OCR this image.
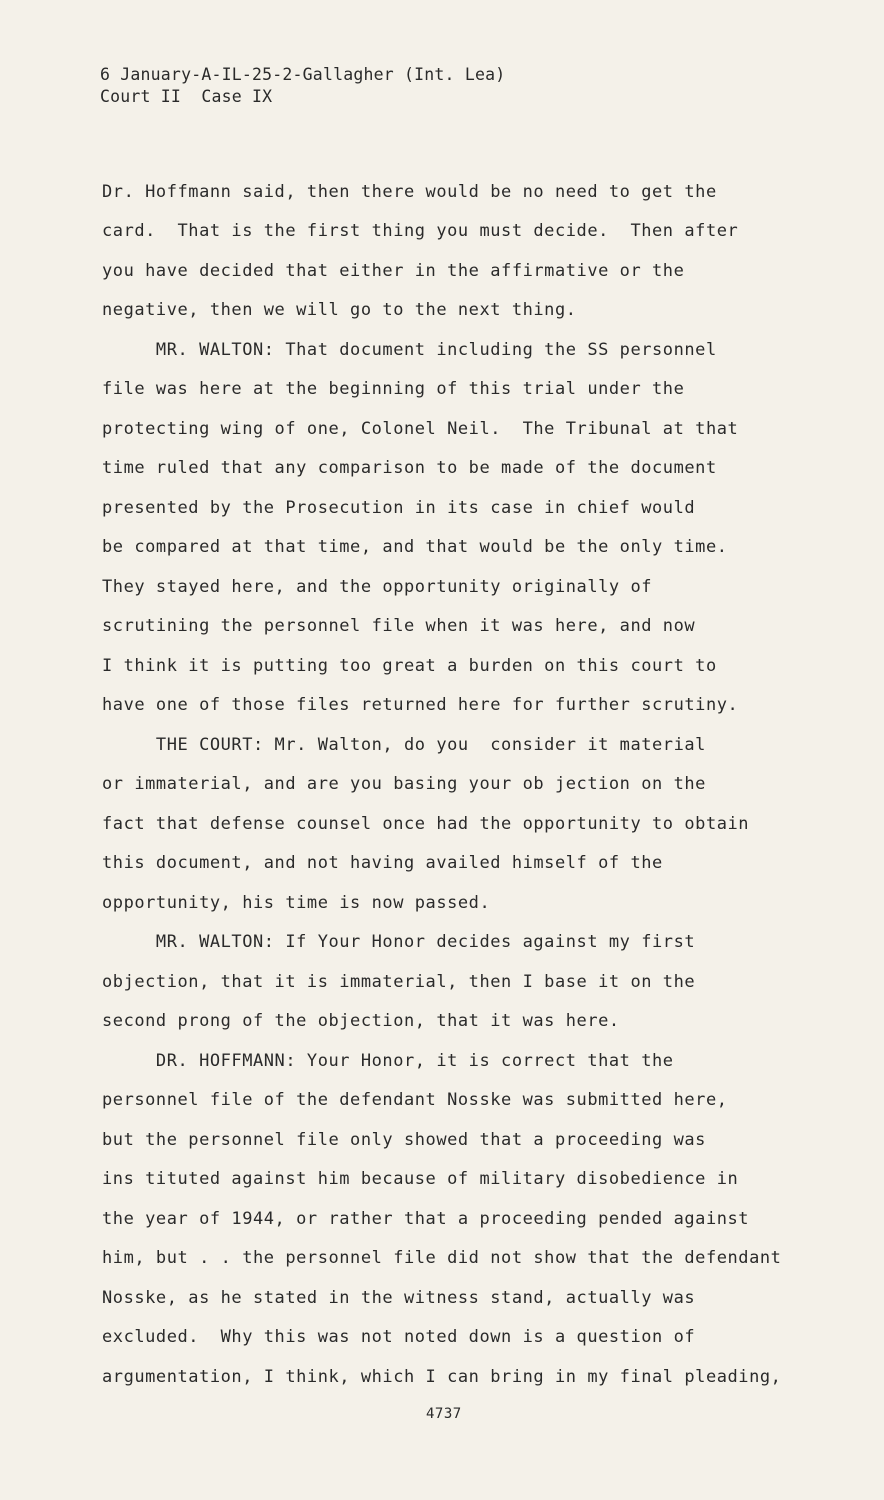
6 January-A-IL-25-2-Gallagher (Int. Lea)
Court II  Case IX
Dr. Hoffmann said, then there would be no need to get the
card.  That is the first thing you must decide.  Then after
you have decided that either in the affirmative or the
negative, then we will go to the next thing.
MR. WALTON: That document including the SS personnel
file was here at the beginning of this trial under the
protecting wing of one, Colonel Neil.  The Tribunal at that
time ruled that any comparison to be made of the document
presented by the Prosecution in its case in chief would
be compared at that time, and that would be the only time.
They stayed here, and the opportunity originally of
scrutining the personnel file when it was here, and now
I think it is putting too great a burden on this court to
have one of those files returned here for further scrutiny.
THE COURT: Mr. Walton, do you  consider it material
or immaterial, and are you basing your ob jection on the
fact that defense counsel once had the opportunity to obtain
this document, and not having availed himself of the
opportunity, his time is now passed.
MR. WALTON: If Your Honor decides against my first
objection, that it is immaterial, then I base it on the
second prong of the objection, that it was here.
DR. HOFFMANN: Your Honor, it is correct that the
personnel file of the defendant Nosske was submitted here,
but the personnel file only showed that a proceeding was
ins tituted against him because of military disobedience in
the year of 1944, or rather that a proceeding pended against
him, but . . the personnel file did not show that the defendant
Nosske, as he stated in the witness stand, actually was
excluded.  Why this was not noted down is a question of
argumentation, I think, which I can bring in my final pleading,
4737
